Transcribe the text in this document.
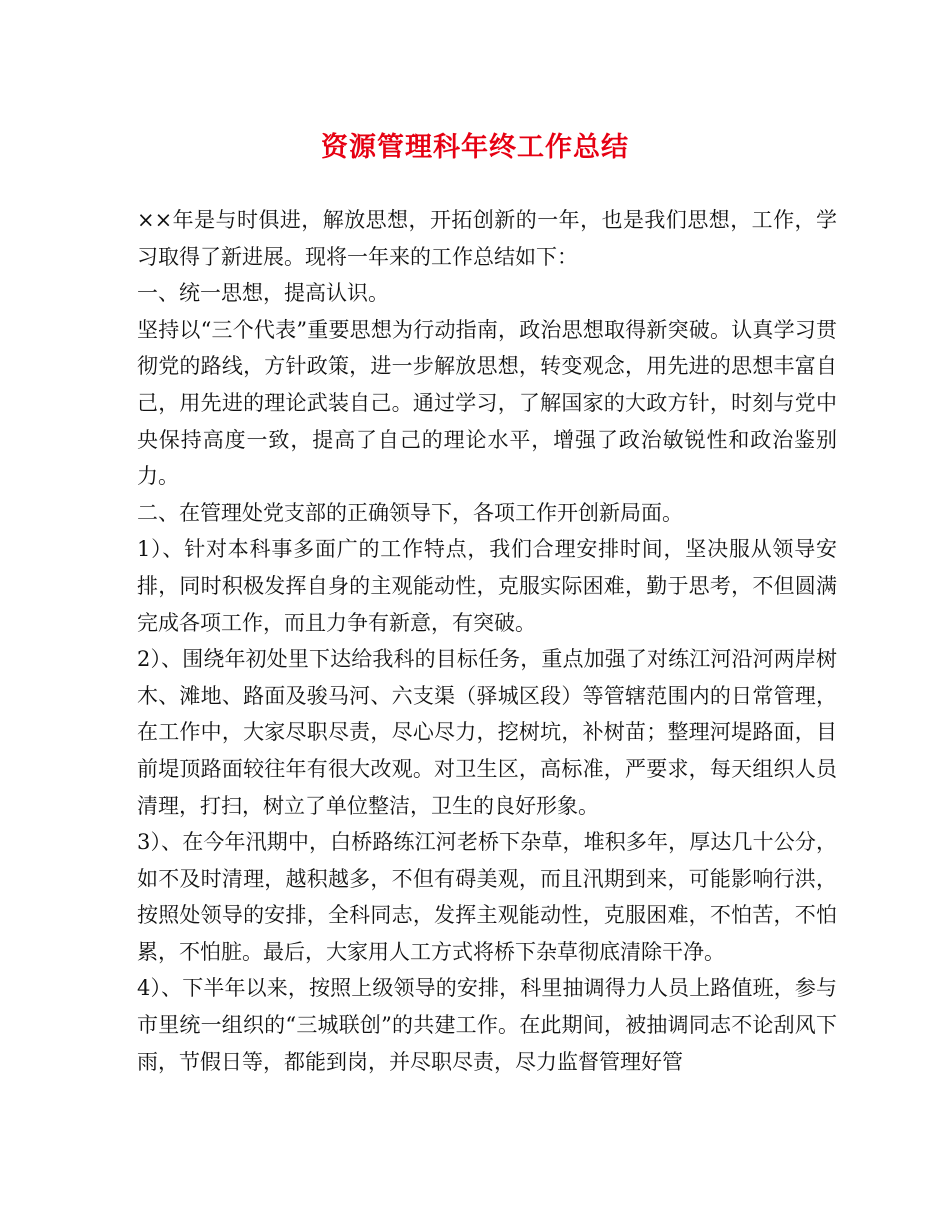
资源管理科年终工作总结

××年是与时俱进，解放思想，开拓创新的一年，也是我们思想，工作，学习取得了新进展。现将一年来的工作总结如下：

一、统一思想，提高认识。

坚持以“三个代表”重要思想为行动指南，政治思想取得新突破。认真学习贯彻党的路线，方针政策，进一步解放思想，转变观念，用先进的思想丰富自己，用先进的理论武装自己。通过学习，了解国家的大政方针，时刻与党中央保持高度一致，提高了自己的理论水平，增强了政治敏锐性和政治鉴别力。

二、在管理处党支部的正确领导下，各项工作开创新局面。

1）、针对本科事多面广的工作特点，我们合理安排时间，坚决服从领导安排，同时积极发挥自身的主观能动性，克服实际困难，勤于思考，不但圆满完成各项工作，而且力争有新意，有突破。

2）、围绕年初处里下达给我科的目标任务，重点加强了对练江河沿河两岸树木、滩地、路面及骏马河、六支渠（驿城区段）等管辖范围内的日常管理，在工作中，大家尽职尽责，尽心尽力，挖树坑，补树苗；整理河堤路面，目前堤顶路面较往年有很大改观。对卫生区，高标准，严要求，每天组织人员清理，打扫，树立了单位整洁，卫生的良好形象。

3）、在今年汛期中，白桥路练江河老桥下杂草，堆积多年，厚达几十公分，如不及时清理，越积越多，不但有碍美观，而且汛期到来，可能影响行洪，按照处领导的安排，全科同志，发挥主观能动性，克服困难，不怕苦，不怕累，不怕脏。最后，大家用人工方式将桥下杂草彻底清除干净。

4）、下半年以来，按照上级领导的安排，科里抽调得力人员上路值班，参与市里统一组织的“三城联创”的共建工作。在此期间，被抽调同志不论刮风下雨，节假日等，都能到岗，并尽职尽责，尽力监督管理好管
